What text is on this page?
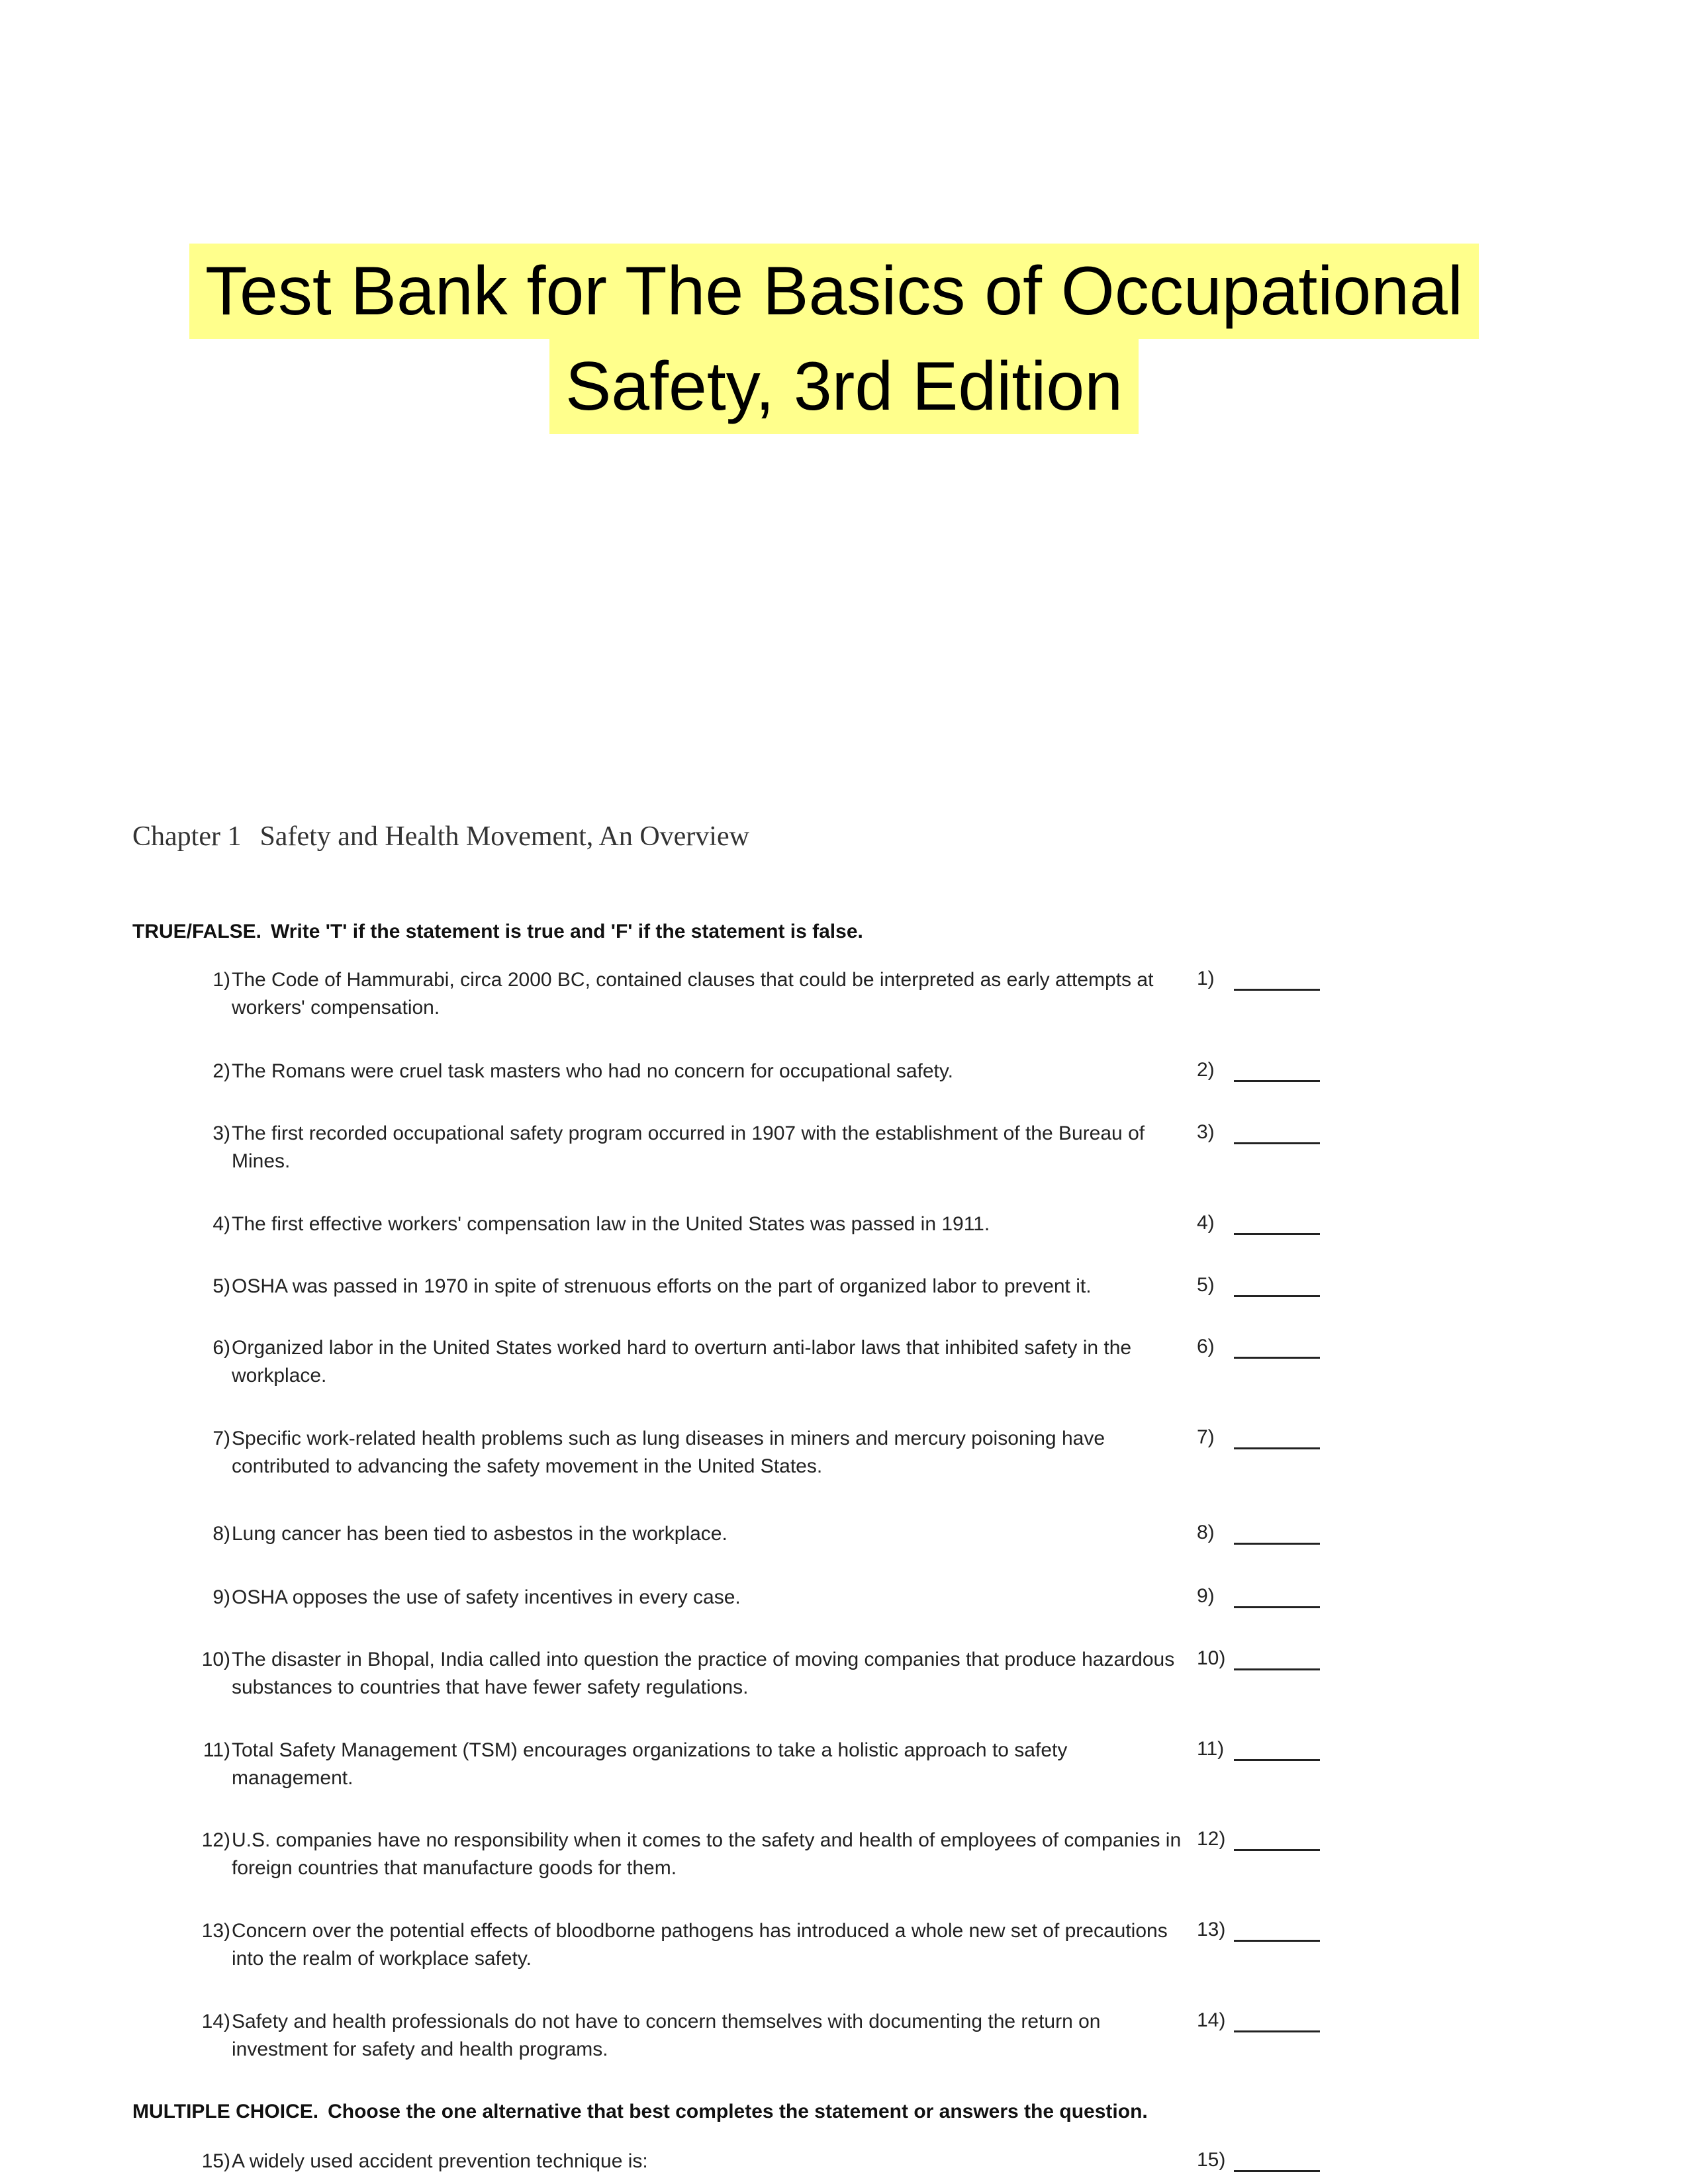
Test Bank for The Basics of Occupational
Safety, 3rd Edition
Chapter 1 Safety and Health Movement, An Overview
TRUE/FALSE. Write 'T' if the statement is true and 'F' if the statement is false.
1) The Code of Hammurabi, circa 2000 BC, contained clauses that could be interpreted as early attempts at workers' compensation.
1)
2) The Romans were cruel task masters who had no concern for occupational safety.	2)
3) The first recorded occupational safety program occurred in 1907 with the establishment of the Bureau of Mines.
3)
4) The first effective workers' compensation law in the United States was passed in 1911.	4)
5) OSHA was passed in 1970 in spite of strenuous efforts on the part of organized labor to prevent it.	5)
6) Organized labor in the United States worked hard to overturn anti-labor laws that inhibited safety in the workplace.
6)
7) Specific work-related health problems such as lung diseases in miners and mercury poisoning have contributed to advancing the safety movement in the United States.
7)
8) Lung cancer has been tied to asbestos in the workplace.	8)
9) OSHA opposes the use of safety incentives in every case.	9)
10) The disaster in Bhopal, India called into question the practice of moving companies that produce hazardous substances to countries that have fewer safety regulations.
10)
11) Total Safety Management (TSM) encourages organizations to take a holistic approach to safety management.
11)
12) U.S. companies have no responsibility when it comes to the safety and health of employees of companies in foreign countries that manufacture goods for them.
12)
13) Concern over the potential effects of bloodborne pathogens has introduced a whole new set of precautions into the realm of workplace safety.
13)
14) Safety and health professionals do not have to concern themselves with documenting the return on investment for safety and health programs.
14)
MULTIPLE CHOICE. Choose the one alternative that best completes the statement or answers the question.
15) A widely used accident prevention technique is:	15)
